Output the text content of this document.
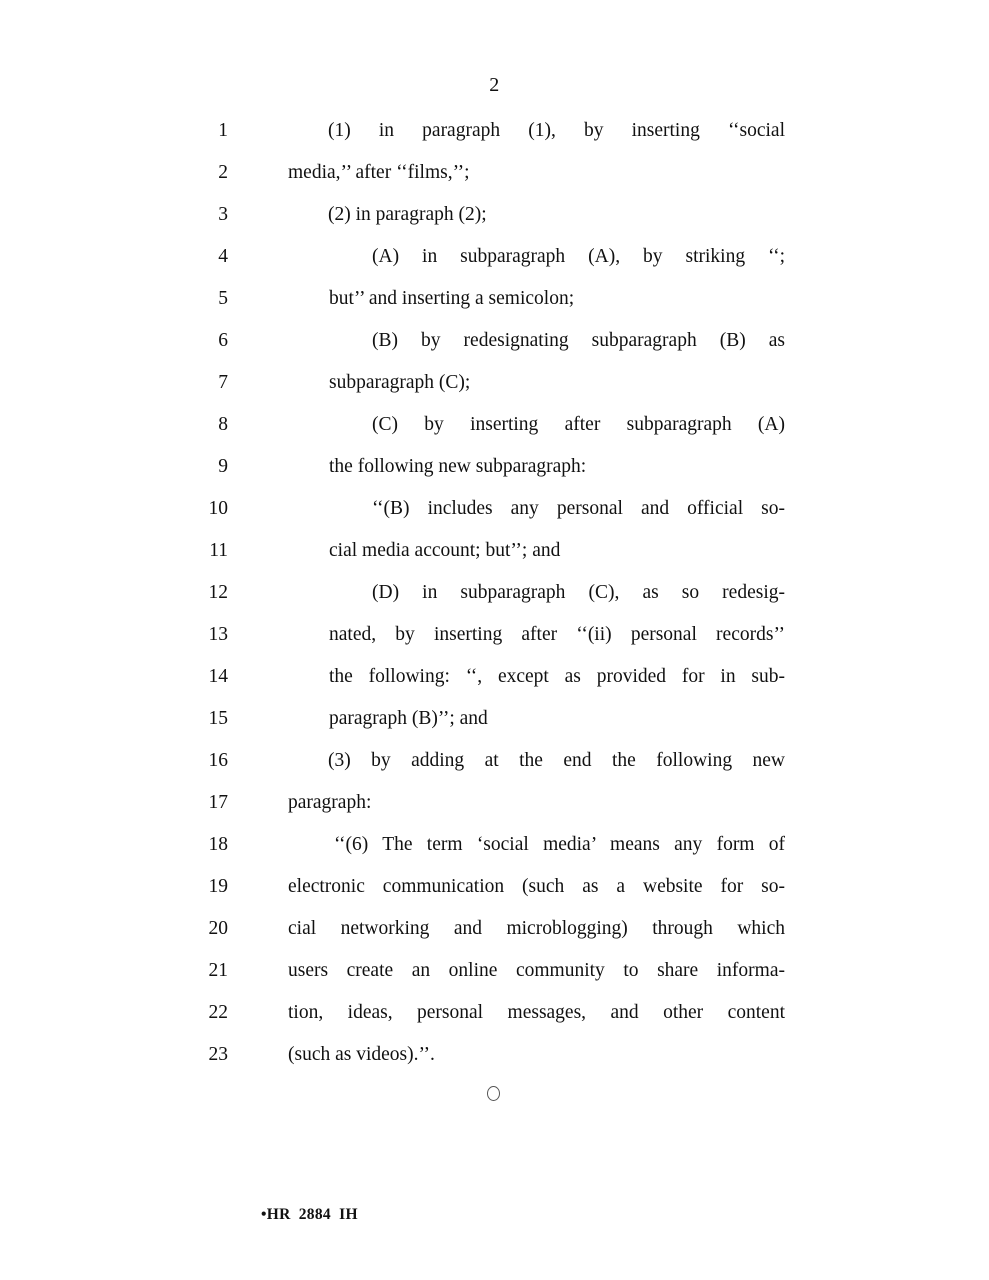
2
1	(1) in paragraph (1), by inserting ‘‘social
2	media,’’ after ‘‘films,’’;
3	(2) in paragraph (2);
4	(A) in subparagraph (A), by striking ‘‘;
5	but’’ and inserting a semicolon;
6	(B) by redesignating subparagraph (B) as
7	subparagraph (C);
8	(C) by inserting after subparagraph (A)
9	the following new subparagraph:
10	‘‘(B) includes any personal and official so-
11	cial media account; but’’; and
12	(D) in subparagraph (C), as so redesig-
13	nated, by inserting after ‘‘(ii) personal records’’
14	the following: ‘‘, except as provided for in sub-
15	paragraph (B)’’; and
16	(3) by adding at the end the following new
17	paragraph:
18	‘‘(6) The term ‘social media’ means any form of
19	electronic communication (such as a website for so-
20	cial networking and microblogging) through which
21	users create an online community to share informa-
22	tion, ideas, personal messages, and other content
23	(such as videos).’’.
•HR 2884 IH
